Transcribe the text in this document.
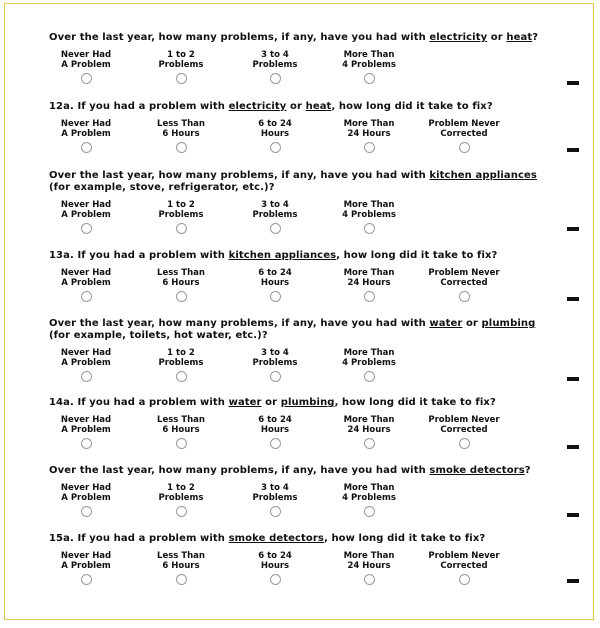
Over the last year, how many problems, if any, have you had with electricity or heat?

Never Had
A Problem
1 to 2
Problems
3 to 4
Problems
More Than
4 Problems

12a. If you had a problem with electricity or heat, how long did it take to fix?

Never Had
A Problem
Less Than
6 Hours
6 to 24
Hours
More Than
24 Hours
Problem Never
Corrected

Over the last year, how many problems, if any, have you had with kitchen appliances
(for example, stove, refrigerator, etc.)?

Never Had
A Problem
1 to 2
Problems
3 to 4
Problems
More Than
4 Problems

13a. If you had a problem with kitchen appliances, how long did it take to fix?

Never Had
A Problem
Less Than
6 Hours
6 to 24
Hours
More Than
24 Hours
Problem Never
Corrected

Over the last year, how many problems, if any, have you had with water or plumbing
(for example, toilets, hot water, etc.)?

Never Had
A Problem
1 to 2
Problems
3 to 4
Problems
More Than
4 Problems

14a. If you had a problem with water or plumbing, how long did it take to fix?

Never Had
A Problem
Less Than
6 Hours
6 to 24
Hours
More Than
24 Hours
Problem Never
Corrected

Over the last year, how many problems, if any, have you had with smoke detectors?

Never Had
A Problem
1 to 2
Problems
3 to 4
Problems
More Than
4 Problems

15a. If you had a problem with smoke detectors, how long did it take to fix?

Never Had
A Problem
Less Than
6 Hours
6 to 24
Hours
More Than
24 Hours
Problem Never
Corrected
